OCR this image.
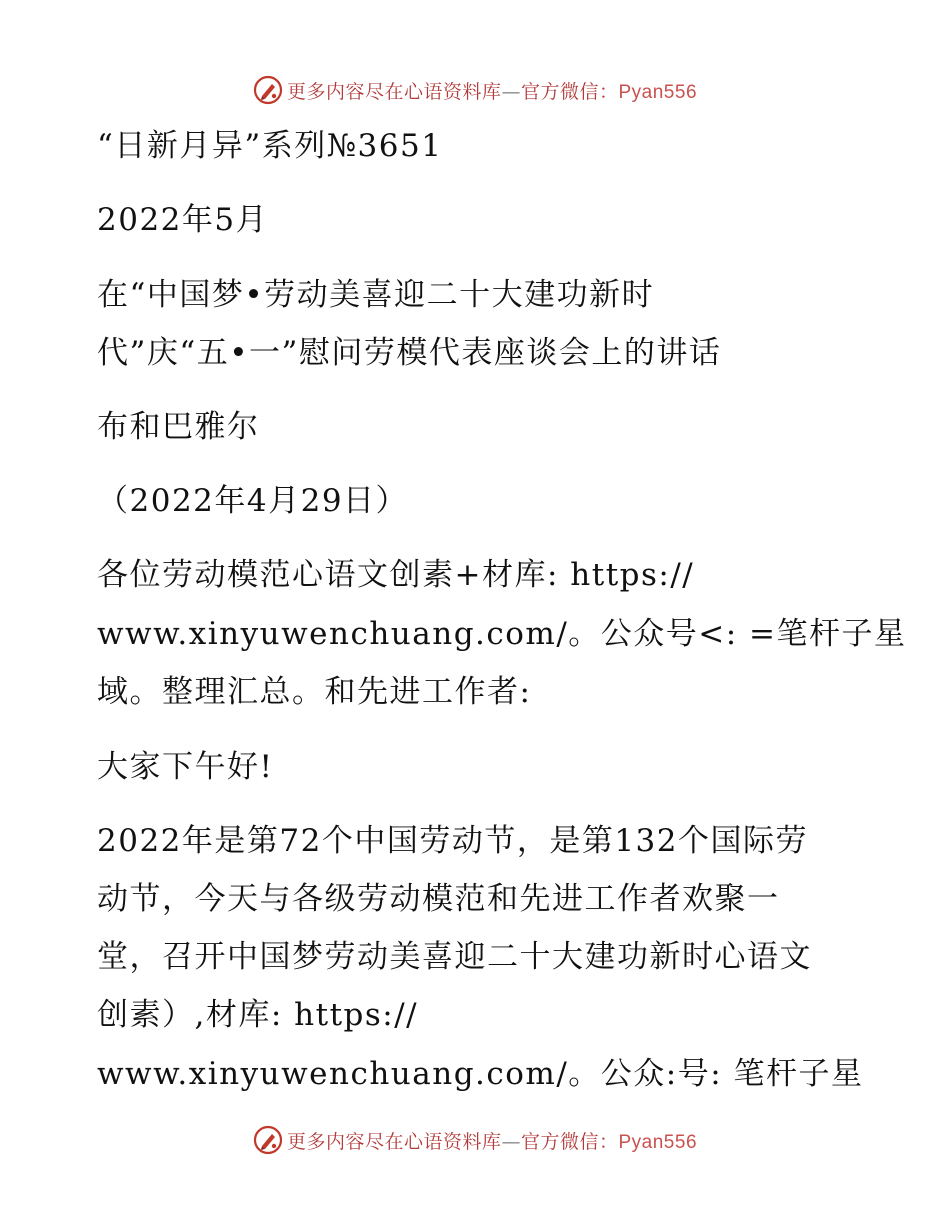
更多内容尽在心语资料库—官方微信：Pyan556
“日新月异”系列№3651
2022年5月
在“中国梦•劳动美喜迎二十大建功新时
代”庆“五•一”慰问劳模代表座谈会上的讲话
布和巴雅尔
（2022年4月29日）
各位劳动模范心语文创素+材库: https://
www.xinyuwenchuang.com/。公众号<: =笔杆子星
域。整理汇总。和先进工作者:
大家下午好!
2022年是第72个中国劳动节，是第132个国际劳
动节，今天与各级劳动模范和先进工作者欢聚一
堂，召开中国梦劳动美喜迎二十大建功新时心语文
创素）,材库: https://
www.xinyuwenchuang.com/。公众:号: 笔杆子星
更多内容尽在心语资料库—官方微信：Pyan556
